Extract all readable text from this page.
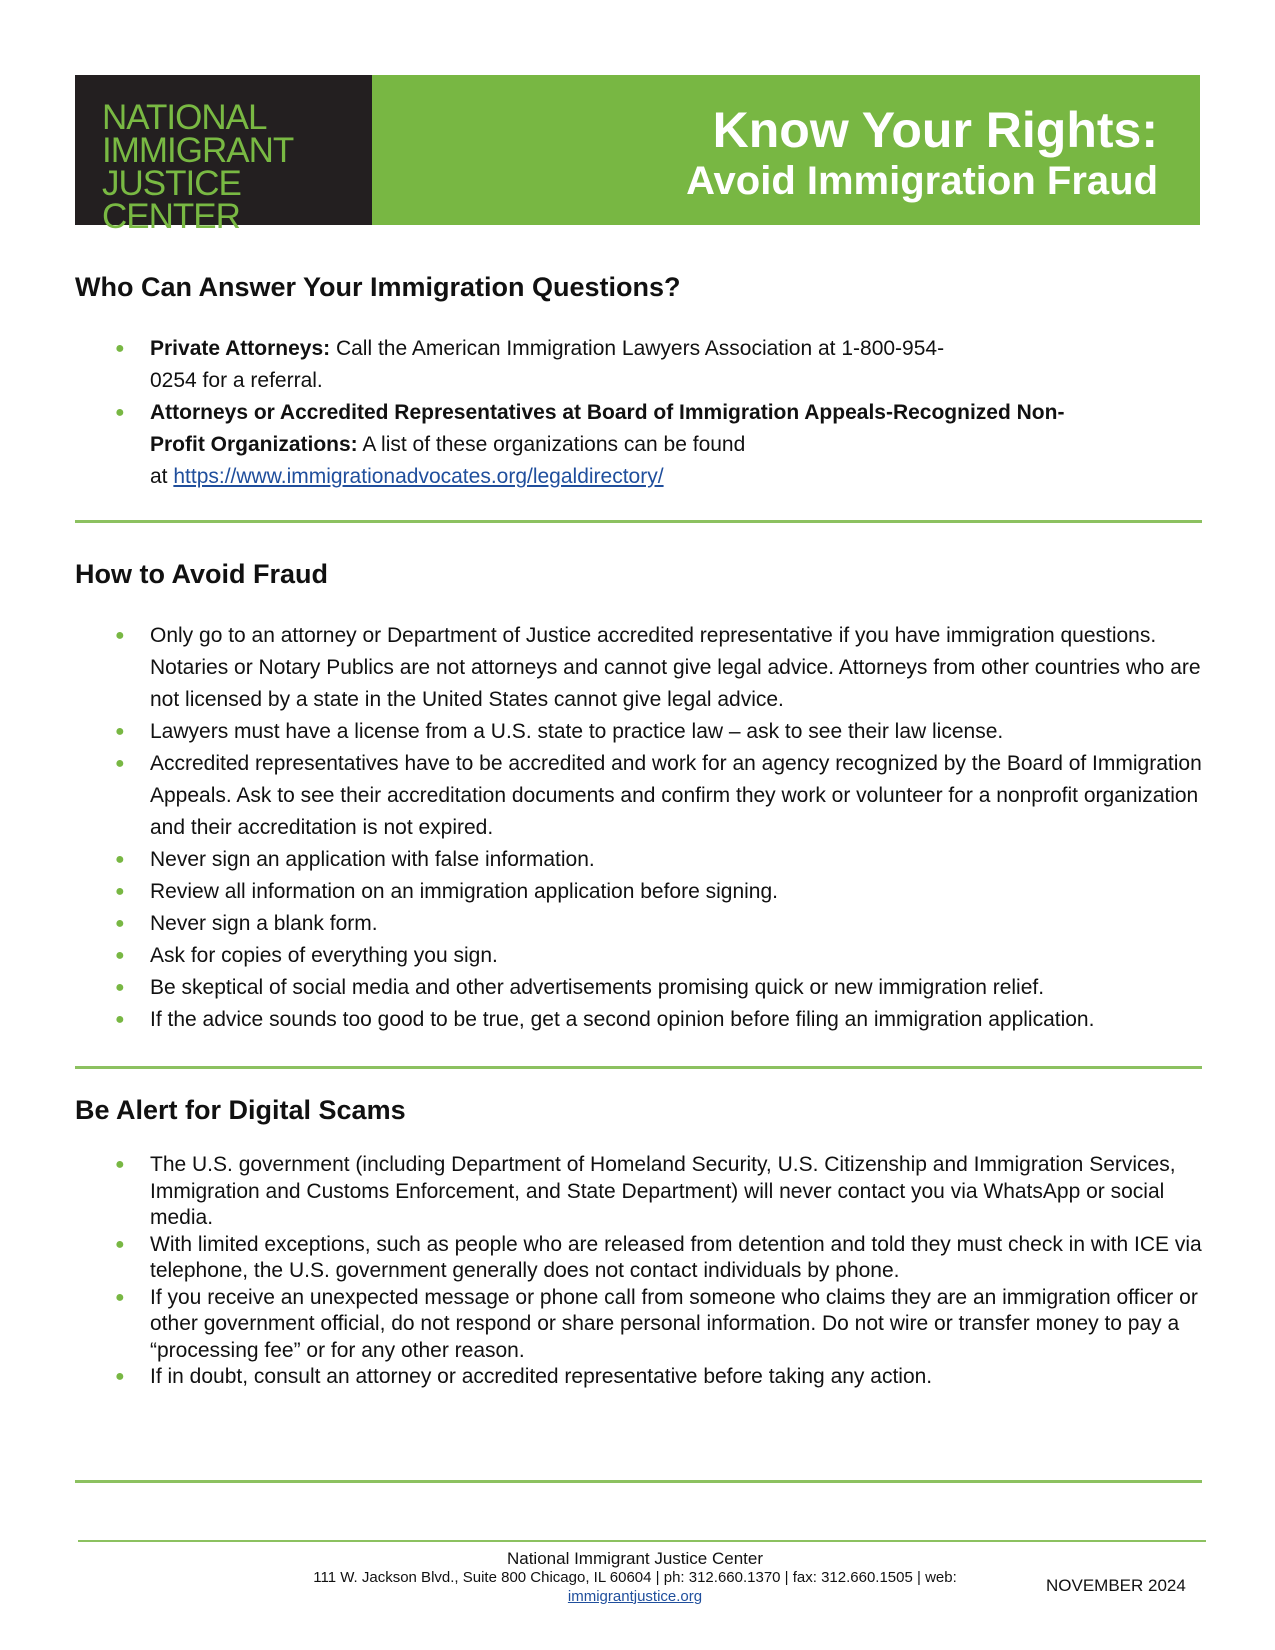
NATIONAL
IMMIGRANT
JUSTICE CENTER
Know Your Rights:
Avoid Immigration Fraud
Who Can Answer Your Immigration Questions?
● Private Attorneys: Call the American Immigration Lawyers Association at 1-800-954-
0254 for a referral.
● Attorneys or Accredited Representatives at Board of Immigration Appeals-Recognized Non-
Profit Organizations: A list of these organizations can be found
at https://www.immigrationadvocates.org/legaldirectory/
How to Avoid Fraud
● Only go to an attorney or Department of Justice accredited representative if you have immigration questions. Notaries or Notary Publics are not attorneys and cannot give legal advice. Attorneys from other countries who are not licensed by a state in the United States cannot give legal advice.
● Lawyers must have a license from a U.S. state to practice law – ask to see their law license.
● Accredited representatives have to be accredited and work for an agency recognized by the Board of Immigration Appeals. Ask to see their accreditation documents and confirm they work or volunteer for a nonprofit organization and their accreditation is not expired.
● Never sign an application with false information.
● Review all information on an immigration application before signing.
● Never sign a blank form.
● Ask for copies of everything you sign.
● Be skeptical of social media and other advertisements promising quick or new immigration relief.
● If the advice sounds too good to be true, get a second opinion before filing an immigration application.
Be Alert for Digital Scams
● The U.S. government (including Department of Homeland Security, U.S. Citizenship and Immigration Services, Immigration and Customs Enforcement, and State Department) will never contact you via WhatsApp or social media.
● With limited exceptions, such as people who are released from detention and told they must check in with ICE via telephone, the U.S. government generally does not contact individuals by phone.
● If you receive an unexpected message or phone call from someone who claims they are an immigration officer or other government official, do not respond or share personal information. Do not wire or transfer money to pay a “processing fee” or for any other reason.
● If in doubt, consult an attorney or accredited representative before taking any action.
National Immigrant Justice Center
111 W. Jackson Blvd., Suite 800 Chicago, IL 60604 | ph: 312.660.1370 | fax: 312.660.1505 | web:
immigrantjustice.org
NOVEMBER 2024
